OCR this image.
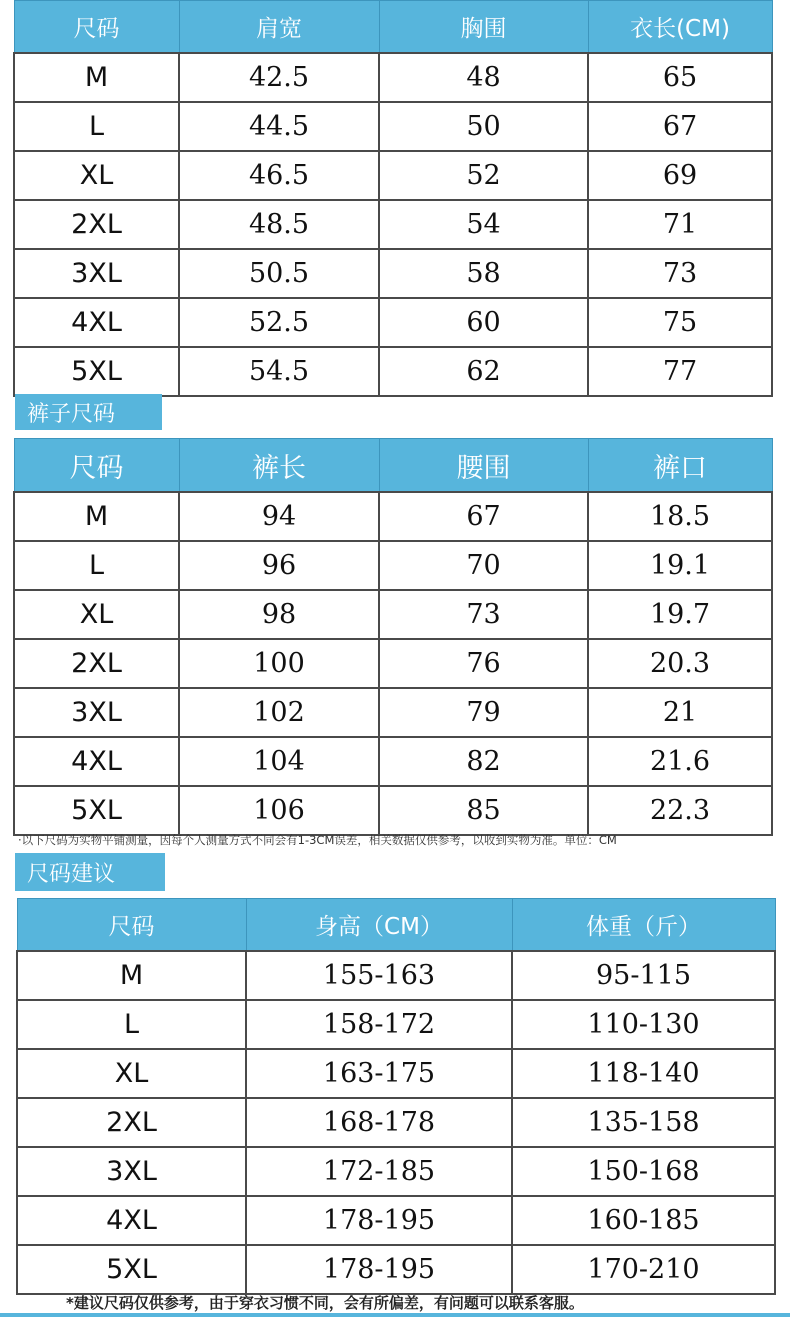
尺码	肩宽	胸围	衣长(CM)
M	42.5	48	65
L	44.5	50	67
XL	46.5	52	69
2XL	48.5	54	71
3XL	50.5	58	73
4XL	52.5	60	75
5XL	54.5	62	77
裤子尺码
尺码	裤长	腰围	裤口
M	94	67	18.5
L	96	70	19.1
XL	98	73	19.7
2XL	100	76	20.3
3XL	102	79	21
4XL	104	82	21.6
5XL	106	85	22.3
·以下尺码为实物平铺测量，因每个人测量方式不同会有1-3CM误差，相关数据仅供参考，以收到实物为准。单位：CM
尺码建议
尺码	身高（CM）	体重（斤）
M	155-163	95-115
L	158-172	110-130
XL	163-175	118-140
2XL	168-178	135-158
3XL	172-185	150-168
4XL	178-195	160-185
5XL	178-195	170-210
*建议尺码仅供参考，由于穿衣习惯不同，会有所偏差，有问题可以联系客服。
